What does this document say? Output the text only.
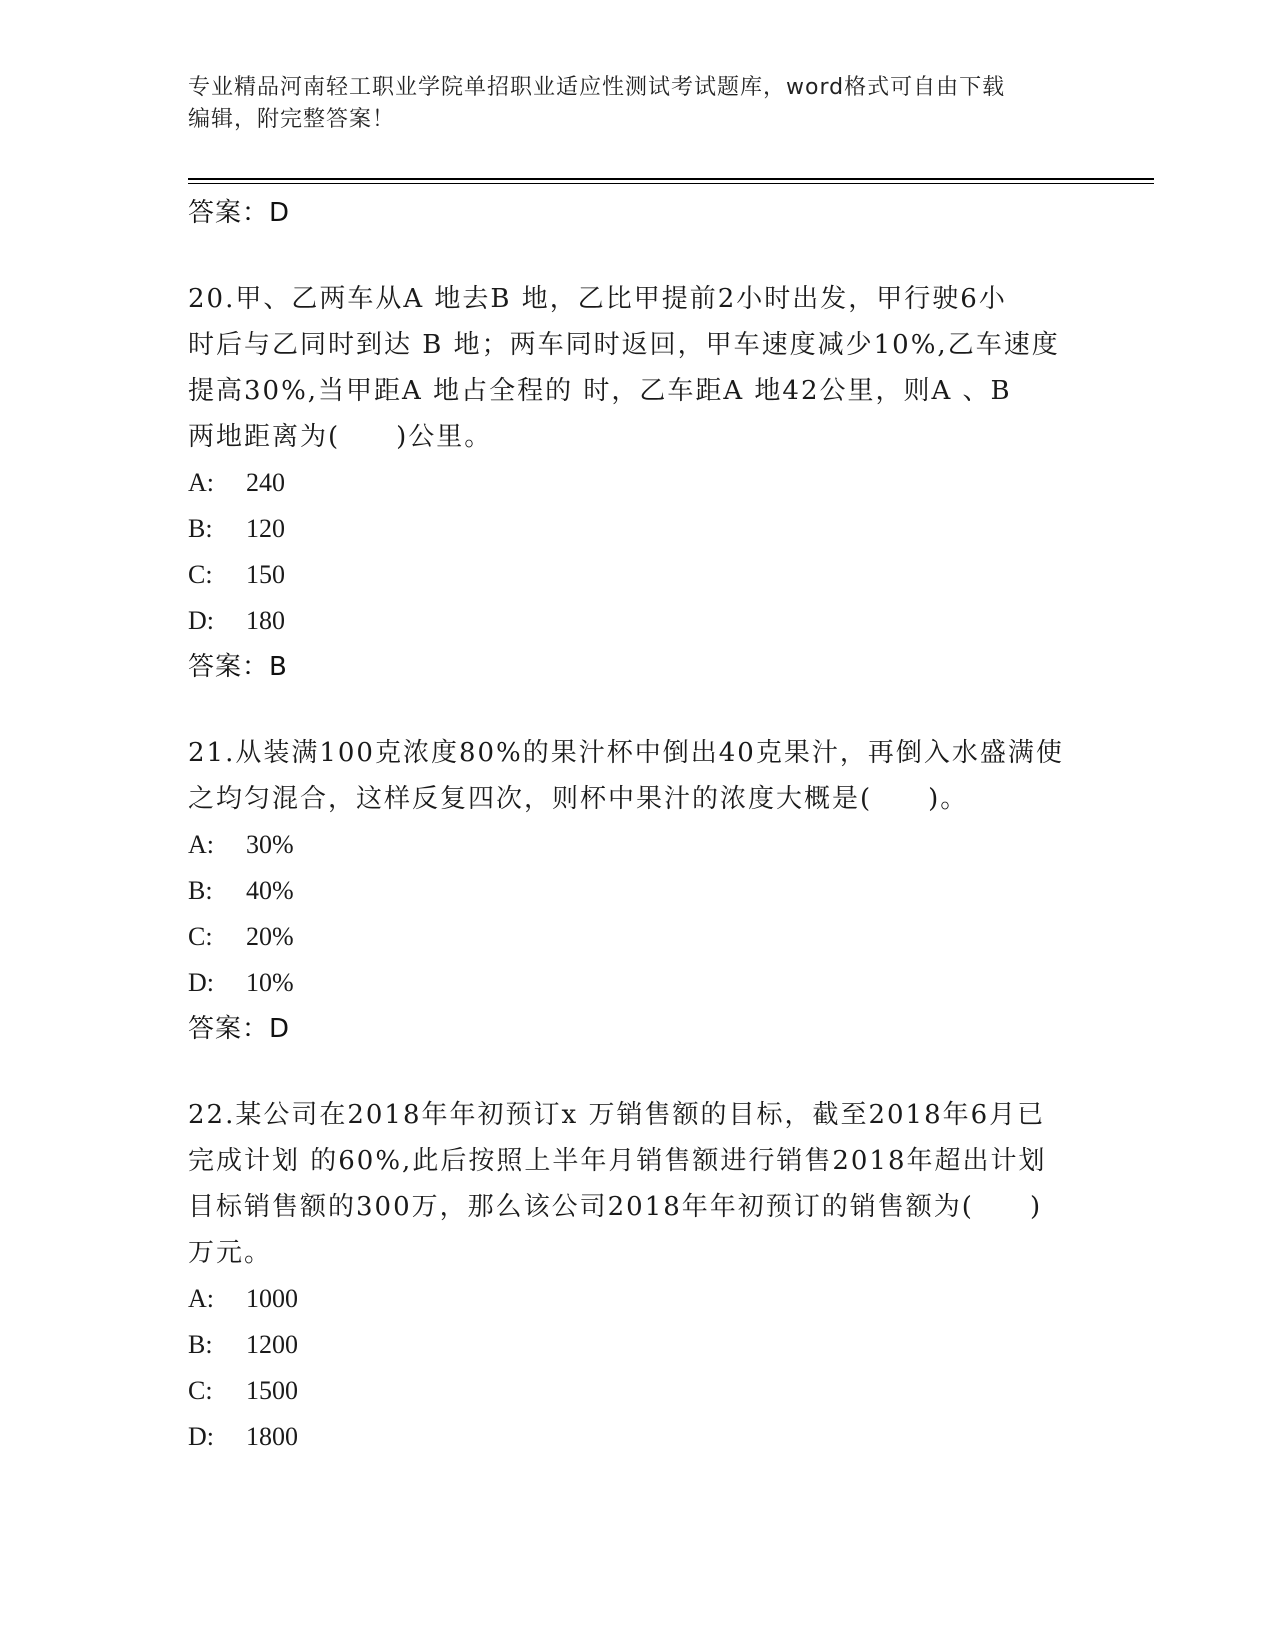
专业精品河南轻工职业学院单招职业适应性测试考试题库，word格式可自由下载
编辑，附完整答案！
答案：D
20.甲、乙两车从A 地去B 地，乙比甲提前2小时出发，甲行驶6小
时后与乙同时到达 B 地；两车同时返回，甲车速度减少10%,乙车速度
提高30%,当甲距A 地占全程的 时，乙车距A 地42公里，则A 、B
两地距离为(　　)公里。
A:	240
B:	120
C:	150
D:	180
答案：B
21.从装满100克浓度80%的果汁杯中倒出40克果汁，再倒入水盛满使
之均匀混合，这样反复四次，则杯中果汁的浓度大概是(　　)。
A:	30%
B:	40%
C:	20%
D:	10%
答案：D
22.某公司在2018年年初预订x 万销售额的目标，截至2018年6月已
完成计划 的60%,此后按照上半年月销售额进行销售2018年超出计划
目标销售额的300万，那么该公司2018年年初预订的销售额为(　　)
万元。
A:	1000
B:	1200
C:	1500
D:	1800
